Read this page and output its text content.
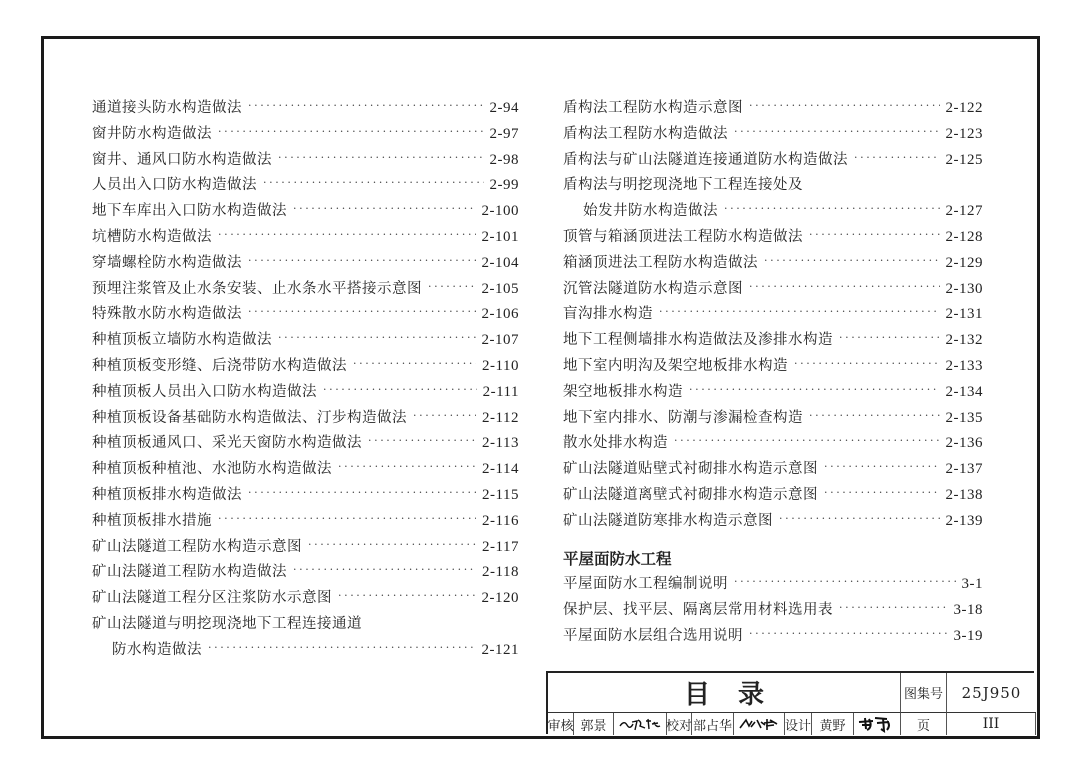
通道接头防水构造做法 ·····	2-94
窗井防水构造做法 ·····	2-97
窗井、通风口防水构造做法 ·····	2-98
人员出入口防水构造做法 ·····	2-99
地下车库出入口防水构造做法 ·····	2-100
坑槽防水构造做法 ·····	2-101
穿墙螺栓防水构造做法 ·····	2-104
预埋注浆管及止水条安装、止水条水平搭接示意图 ·····	2-105
特殊散水防水构造做法 ·····	2-106
种植顶板立墙防水构造做法 ·····	2-107
种植顶板变形缝、后浇带防水构造做法 ·····	2-110
种植顶板人员出入口防水构造做法 ·····	2-111
种植顶板设备基础防水构造做法、汀步构造做法 ·····	2-112
种植顶板通风口、采光天窗防水构造做法 ·····	2-113
种植顶板种植池、水池防水构造做法 ·····	2-114
种植顶板排水构造做法 ·····	2-115
种植顶板排水措施 ·····	2-116
矿山法隧道工程防水构造示意图 ·····	2-117
矿山法隧道工程防水构造做法 ·····	2-118
矿山法隧道工程分区注浆防水示意图 ·····	2-120
矿山法隧道与明挖现浇地下工程连接通道
防水构造做法 ·····	2-121
盾构法工程防水构造示意图 ·····	2-122
盾构法工程防水构造做法 ·····	2-123
盾构法与矿山法隧道连接通道防水构造做法 ·····	2-125
盾构法与明挖现浇地下工程连接处及
始发井防水构造做法 ·····	2-127
顶管与箱涵顶进法工程防水构造做法 ·····	2-128
箱涵顶进法工程防水构造做法 ·····	2-129
沉管法隧道防水构造示意图 ·····	2-130
盲沟排水构造 ·····	2-131
地下工程侧墙排水构造做法及渗排水构造 ·····	2-132
地下室内明沟及架空地板排水构造 ·····	2-133
架空地板排水构造 ·····	2-134
地下室内排水、防潮与渗漏检查构造 ·····	2-135
散水处排水构造 ·····	2-136
矿山法隧道贴壁式衬砌排水构造示意图 ·····	2-137
矿山法隧道离壁式衬砌排水构造示意图 ·····	2-138
矿山法隧道防寒排水构造示意图 ·····	2-139
平屋面防水工程
平屋面防水工程编制说明 ·····	3-1
保护层、找平层、隔离层常用材料选用表 ·····	3-18
平屋面防水层组合选用说明 ·····	3-19
目录	图集号	25J950
审核 郭景	校对 部占华	设计 黄野	页	III
